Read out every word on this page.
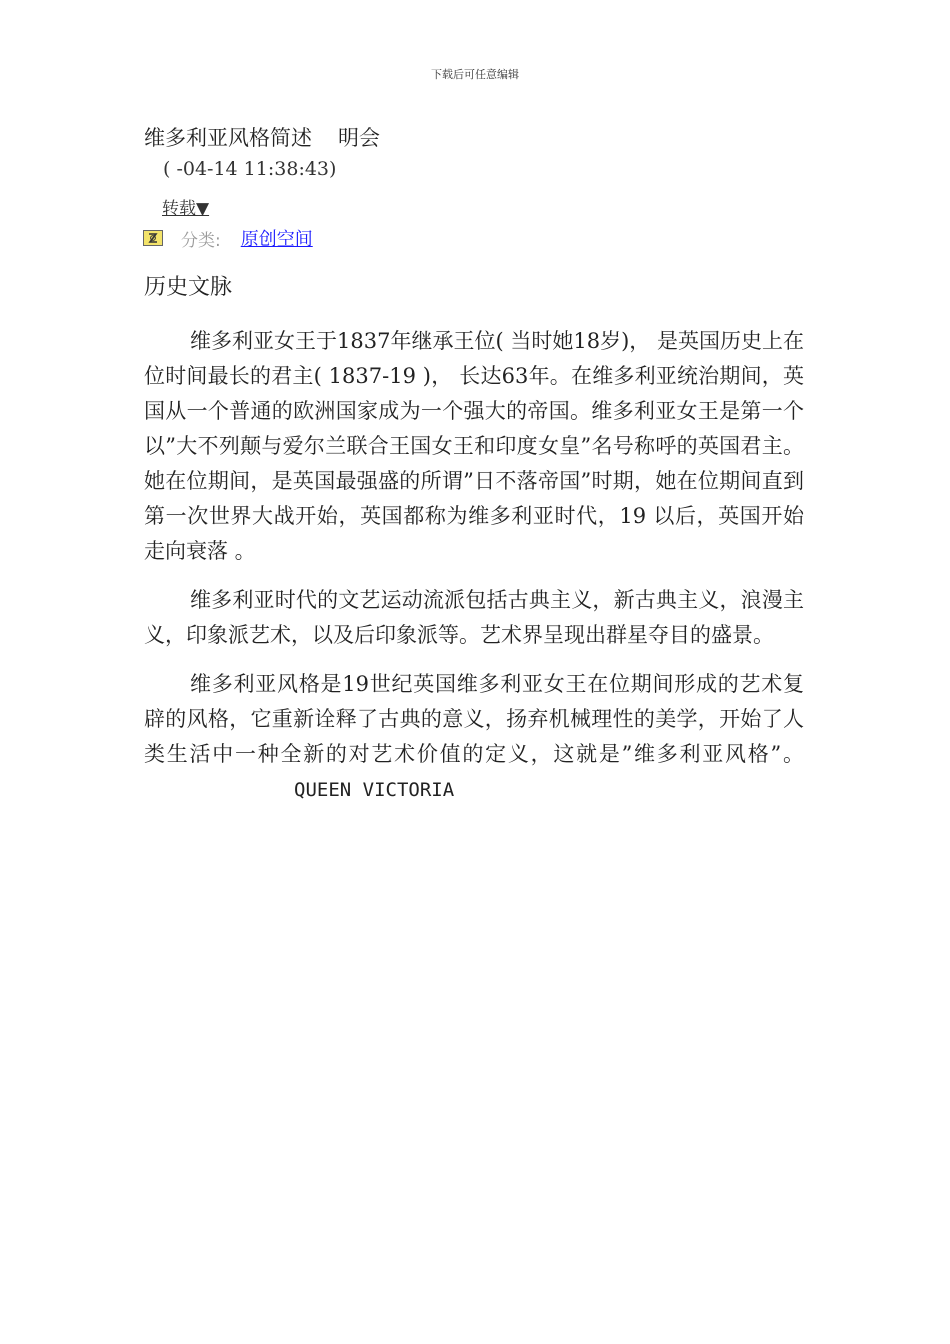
下载后可任意编辑
维多利亚风格简述 明会
( -04-14 11:38:43)
转载▼
分类: 原创空间
历史文脉

维多利亚女王于1837年继承王位( 当时她18岁)， 是英国历史上在位时间最长的君主( 1837-19 )， 长达63年。在维多利亚统治期间，英国从一个普通的欧洲国家成为一个强大的帝国。维多利亚女王是第一个以”大不列颠与爱尔兰联合王国女王和印度女皇”名号称呼的英国君主。她在位期间，是英国最强盛的所谓”日不落帝国”时期，她在位期间直到第一次世界大战开始，英国都称为维多利亚时代，19 以后，英国开始走向衰落 。

维多利亚时代的文艺运动流派包括古典主义，新古典主义，浪漫主义，印象派艺术，以及后印象派等。艺术界呈现出群星夺目的盛景。

维多利亚风格是19世纪英国维多利亚女王在位期间形成的艺术复辟的风格，它重新诠释了古典的意义，扬弃机械理性的美学，开始了人类生活中一种全新的对艺术价值的定义，这就是”维多利亚风格”。QUEEN VICTORIA
